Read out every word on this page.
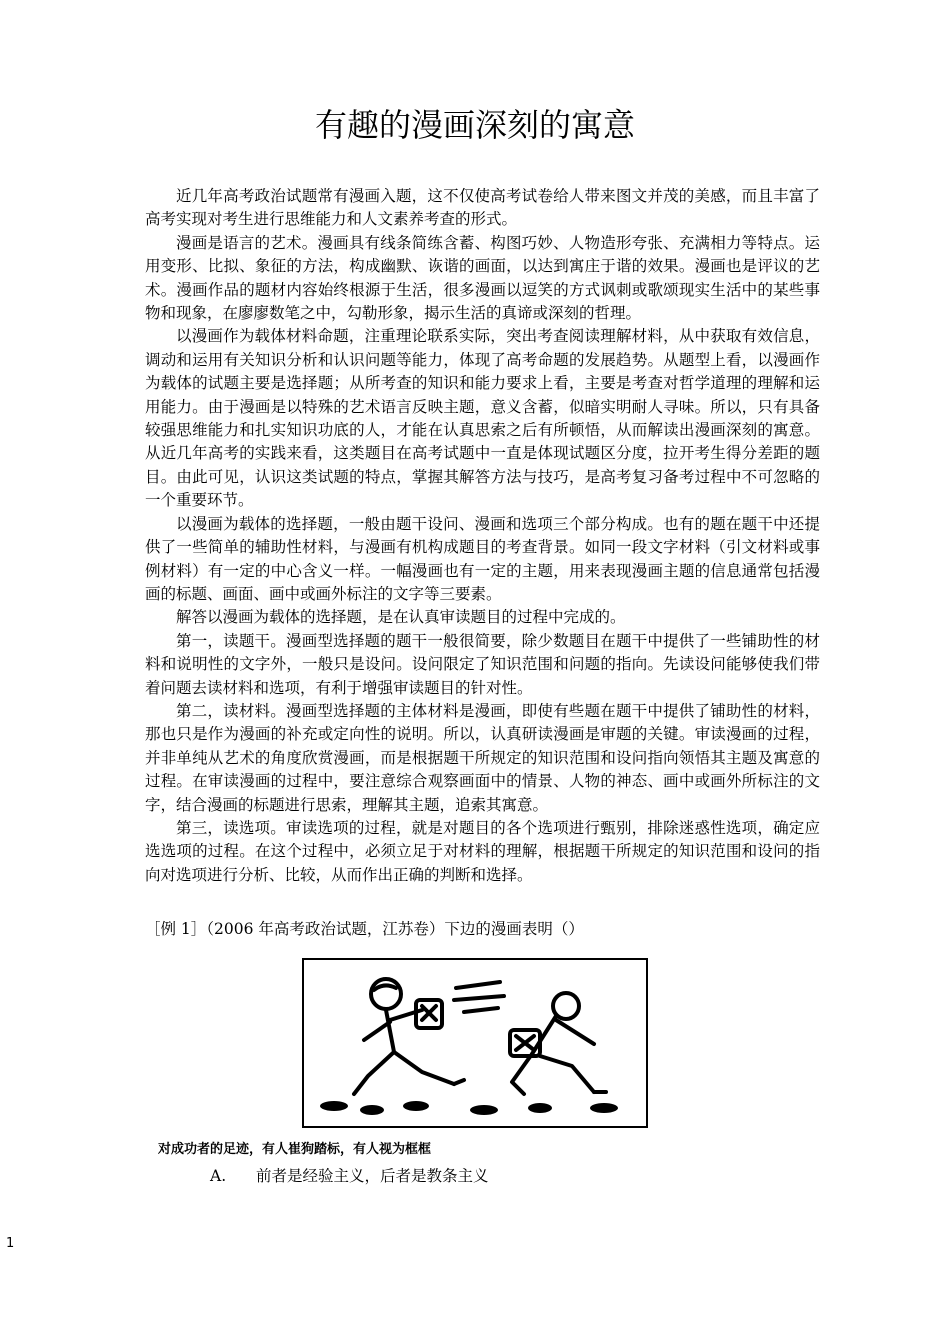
有趣的漫画深刻的寓意

近几年高考政治试题常有漫画入题，这不仅使高考试卷给人带来图文并茂的美感，而且丰富了高考实现对考生进行思维能力和人文素养考查的形式。

漫画是语言的艺术。漫画具有线条简练含蓄、构图巧妙、人物造形夸张、充满相力等特点。运用变形、比拟、象征的方法，构成幽默、诙谐的画面，以达到寓庄于谐的效果。漫画也是评议的艺术。漫画作品的题材内容始终根源于生活，很多漫画以逗笑的方式讽刺或歌颂现实生活中的某些事物和现象，在廖廖数笔之中，勾勒形象，揭示生活的真谛或深刻的哲理。

以漫画作为载体材料命题，注重理论联系实际，突出考查阅读理解材料，从中获取有效信息，调动和运用有关知识分析和认识问题等能力，体现了高考命题的发展趋势。从题型上看，以漫画作为载体的试题主要是选择题；从所考查的知识和能力要求上看，主要是考查对哲学道理的理解和运用能力。由于漫画是以特殊的艺术语言反映主题，意义含蓄，似暗实明耐人寻味。所以，只有具备较强思维能力和扎实知识功底的人，才能在认真思索之后有所顿悟，从而解读出漫画深刻的寓意。从近几年高考的实践来看，这类题目在高考试题中一直是体现试题区分度，拉开考生得分差距的题目。由此可见，认识这类试题的特点，掌握其解答方法与技巧，是高考复习备考过程中不可忽略的一个重要环节。

以漫画为载体的选择题，一般由题干设问、漫画和选项三个部分构成。也有的题在题干中还提供了一些简单的辅助性材料，与漫画有机构成题目的考查背景。如同一段文字材料（引文材料或事例材料）有一定的中心含义一样。一幅漫画也有一定的主题，用来表现漫画主题的信息通常包括漫画的标题、画面、画中或画外标注的文字等三要素。

解答以漫画为载体的选择题，是在认真审读题目的过程中完成的。

第一，读题干。漫画型选择题的题干一般很简要，除少数题目在题干中提供了一些铺助性的材料和说明性的文字外，一般只是设问。设问限定了知识范围和问题的指向。先读设问能够使我们带着问题去读材料和选项，有利于增强审读题目的针对性。

第二，读材料。漫画型选择题的主体材料是漫画，即使有些题在题干中提供了铺助性的材料，那也只是作为漫画的补充或定向性的说明。所以，认真研读漫画是审题的关键。审读漫画的过程，并非单纯从艺术的角度欣赏漫画，而是根据题干所规定的知识范围和设问指向领悟其主题及寓意的过程。在审读漫画的过程中，要注意综合观察画面中的情景、人物的神态、画中或画外所标注的文字，结合漫画的标题进行思索，理解其主题，追索其寓意。

第三，读选项。审读选项的过程，就是对题目的各个选项进行甄别，排除迷惑性选项，确定应选选项的过程。在这个过程中，必须立足于对材料的理解，根据题干所规定的知识范围和设问的指向对选项进行分析、比较，从而作出正确的判断和选择。

［例 1］（2006 年高考政治试题，江苏卷）下边的漫画表明（）
对成功者的足迹，有人崔狗踏标，有人视为框框
A. 前者是经验主义，后者是教条主义
1
